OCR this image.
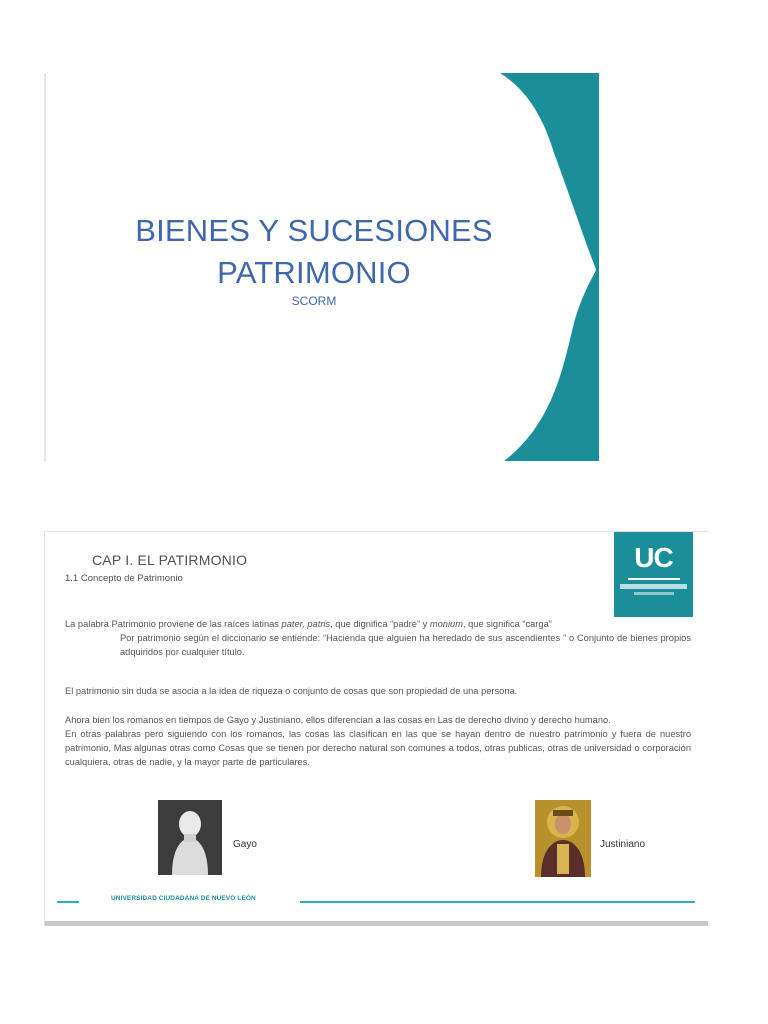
BIENES Y SUCESIONES
PATRIMONIO
SCORM
CAP I. EL PATIRMONIO
1.1 Concepto de Patrimonio
UC

La palabra Patrimonio proviene de las raíces latinas pater, patris, que dignifica “padre” y monium, que significa “carga”

Por patrimonio según el diccionario se entiende: “Hacienda que alguien ha heredado de sus ascendientes ” o Conjunto de bienes propios adquiridos por cualquier título.

El patrimonio sin duda se asocia a la idea de riqueza o conjunto de cosas que son propiedad de una persona.

Ahora bien los romanos en tiempos de Gayo y Justiniano, ellos diferencian a las cosas en Las de derecho divino y derecho humano.

En otras palabras pero siguiendo con los romanos, las cosas las clasifican en las que se hayan dentro de nuestro patrimonio y fuera de nuestro patrimonio, Mas algunas otras como Cosas que se tienen por derecho natural son comunes a todos, otras publicas, otras de universidad o corporación cualquiera, otras de nadie, y la mayor parte de particulares.

Gayo	Justiniano
UNIVERSIDAD CIUDADANA DE NUEVO LEÓN
